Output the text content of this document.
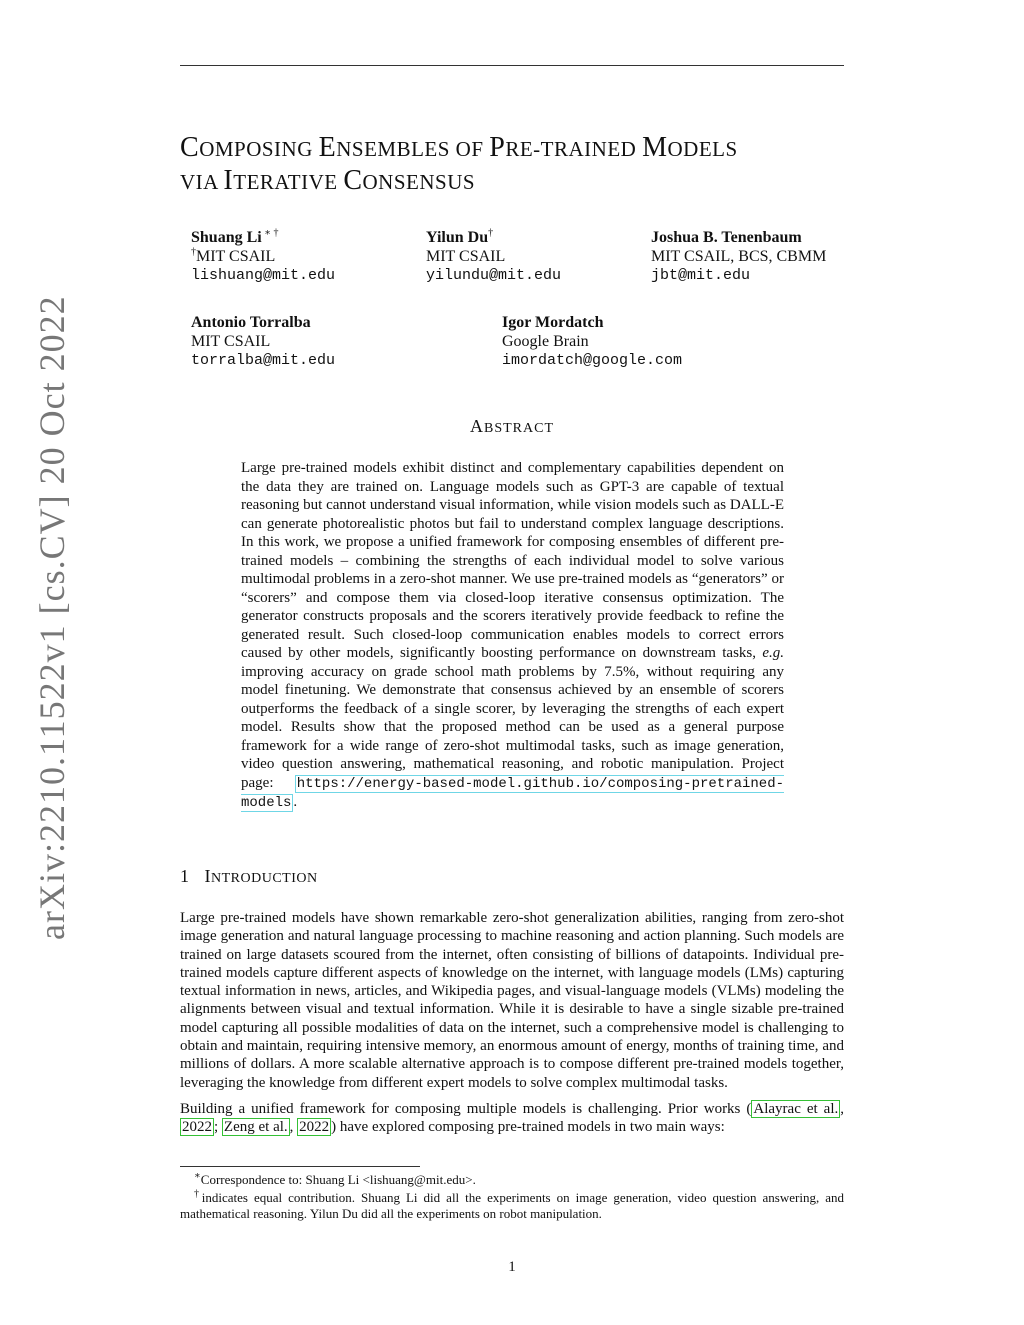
arXiv:2210.11522v1 [cs.CV] 20 Oct 2022
COMPOSING ENSEMBLES OF PRE-TRAINED MODELS
VIA ITERATIVE CONSENSUS
Shuang Li ∗ †
†MIT CSAIL
lishuang@mit.edu
Yilun Du†
MIT CSAIL
yilundu@mit.edu
Joshua B. Tenenbaum
MIT CSAIL, BCS, CBMM
jbt@mit.edu
Antonio Torralba
MIT CSAIL
torralba@mit.edu
Igor Mordatch
Google Brain
imordatch@google.com
ABSTRACT
Large pre-trained models exhibit distinct and complementary capabilities dependent on the data they are trained on. Language models such as GPT-3 are capable of textual reasoning but cannot understand visual information, while vision models such as DALL-E can generate photorealistic photos but fail to understand complex language descriptions. In this work, we propose a unified framework for composing ensembles of different pre-trained models – combining the strengths of each individual model to solve various multimodal problems in a zero-shot manner. We use pre-trained models as “generators” or “scorers” and compose them via closed-loop iterative consensus optimization. The generator constructs proposals and the scorers iteratively provide feedback to refine the generated result. Such closed-loop communication enables models to correct errors caused by other models, significantly boosting performance on downstream tasks, e.g. improving accuracy on grade school math problems by 7.5%, without requiring any model finetuning. We demonstrate that consensus achieved by an ensemble of scorers outperforms the feedback of a single scorer, by leveraging the strengths of each expert model. Results show that the proposed method can be used as a general purpose framework for a wide range of zero-shot multimodal tasks, such as image generation, video question answering, mathematical reasoning, and robotic manipulation. Project page: https://energy-based-model.github.io/composing-pretrained-models .
1 INTRODUCTION

Large pre-trained models have shown remarkable zero-shot generalization abilities, ranging from zero-shot image generation and natural language processing to machine reasoning and action planning. Such models are trained on large datasets scoured from the internet, often consisting of billions of datapoints. Individual pre-trained models capture different aspects of knowledge on the internet, with language models (LMs) capturing textual information in news, articles, and Wikipedia pages, and visual-language models (VLMs) modeling the alignments between visual and textual information. While it is desirable to have a single sizable pre-trained model capturing all possible modalities of data on the internet, such a comprehensive model is challenging to obtain and maintain, requiring intensive memory, an enormous amount of energy, months of training time, and millions of dollars. A more scalable alternative approach is to compose different pre-trained models together, leveraging the knowledge from different expert models to solve complex multimodal tasks.

Building a unified framework for composing multiple models is challenging. Prior works ( Alayrac et al. , 2022 ; Zeng et al. , 2022 ) have explored composing pre-trained models in two main ways:

∗Correspondence to: Shuang Li <lishuang@mit.edu>.
†indicates equal contribution. Shuang Li did all the experiments on image generation, video question answering, and mathematical reasoning. Yilun Du did all the experiments on robot manipulation.
1
